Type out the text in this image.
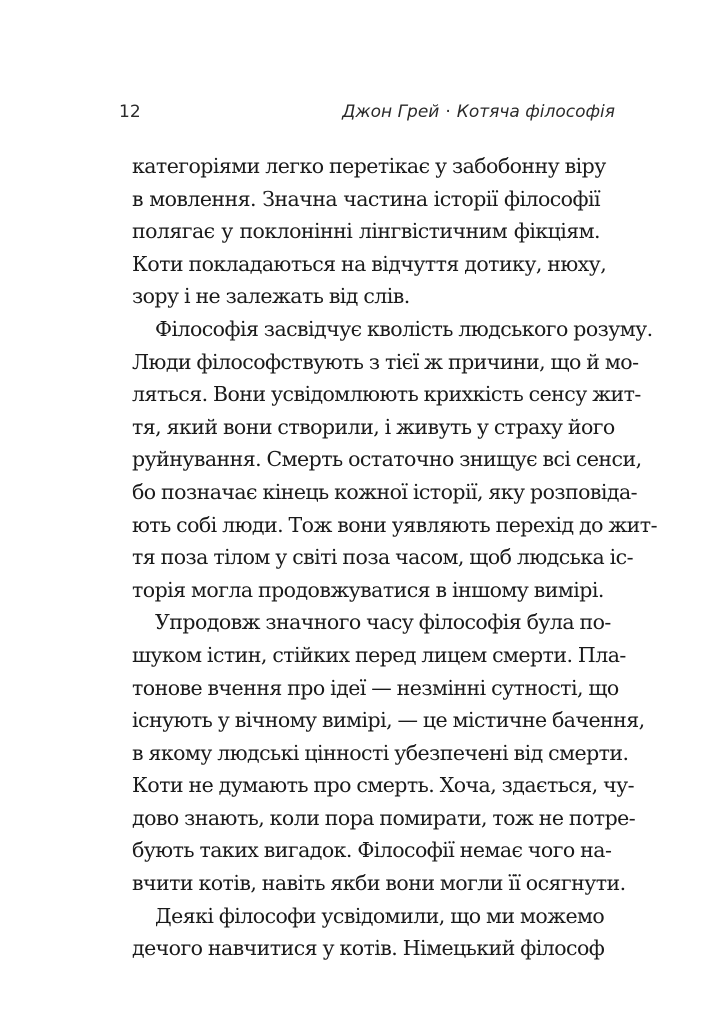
12	Джон Грей · Котяча філософія
категоріями легко перетікає у забобонну віру
в мовлення. Значна частина історії філософії
полягає у поклонінні лінгвістичним фікціям.
Коти покладаються на відчуття дотику, нюху,
зору і не залежать від слів.
Філософія засвідчує кволість людського розуму.
Люди філософствують з тієї ж причини, що й мо-
ляться. Вони усвідомлюють крихкість сенсу жит-
тя, який вони створили, і живуть у страху його
руйнування. Смерть остаточно знищує всі сенси,
бо позначає кінець кожної історії, яку розповіда-
ють собі люди. Тож вони уявляють перехід до жит-
тя поза тілом у світі поза часом, щоб людська іс-
торія могла продовжуватися в іншому вимірі.
Упродовж значного часу філософія була по-
шуком істин, стійких перед лицем смерти. Пла-
тонове вчення про ідеї — незмінні сутності, що
існують у вічному вимірі, — це містичне бачення,
в якому людські цінності убезпечені від смерти.
Коти не думають про смерть. Хоча, здається, чу-
дово знають, коли пора помирати, тож не потре-
бують таких вигадок. Філософії немає чого на-
вчити котів, навіть якби вони могли її осягнути.
Деякі філософи усвідомили, що ми можемо
дечого навчитися у котів. Німецький філософ
